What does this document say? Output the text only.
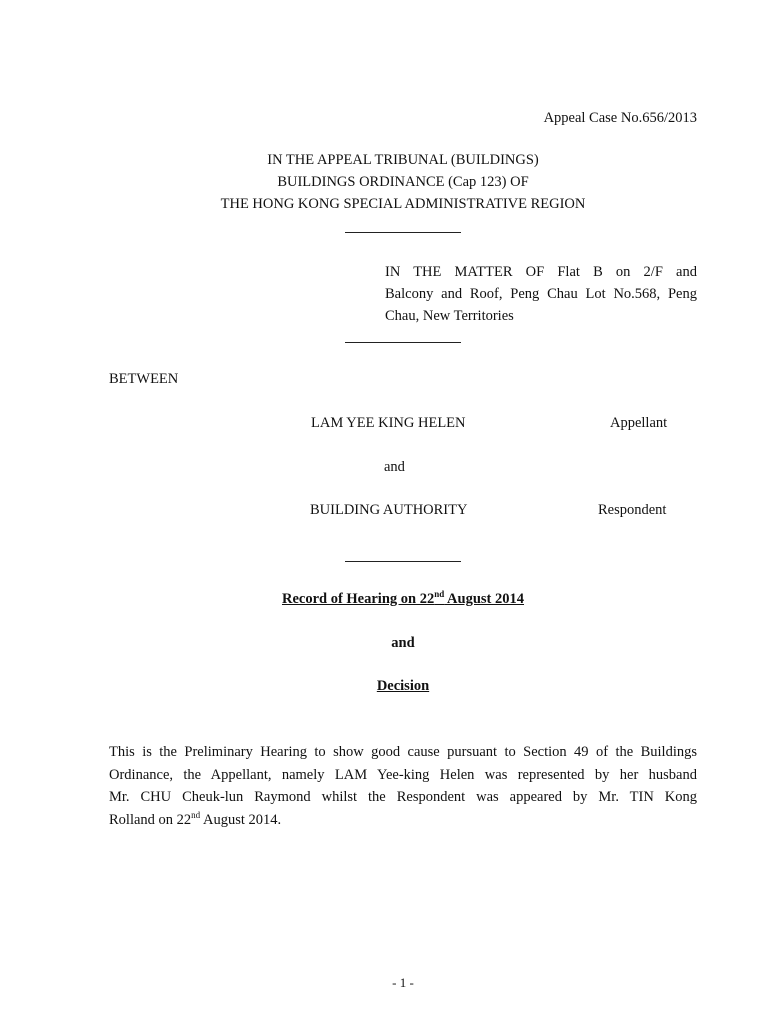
Appeal Case No.656/2013
IN THE APPEAL TRIBUNAL (BUILDINGS)
BUILDINGS ORDINANCE (Cap 123) OF
THE HONG KONG SPECIAL ADMINISTRATIVE REGION
IN THE MATTER OF Flat B on 2/F and
Balcony and Roof, Peng Chau Lot No.568, Peng
Chau, New Territories
BETWEEN
LAM YEE KING HELEN	Appellant
and
BUILDING AUTHORITY	Respondent
Record of Hearing on 22nd August 2014
and
Decision
This is the Preliminary Hearing to show good cause pursuant to Section 49 of the Buildings
Ordinance, the Appellant, namely LAM Yee-king Helen was represented by her husband
Mr. CHU Cheuk-lun Raymond whilst the Respondent was appeared by Mr. TIN Kong
Rolland on 22nd August 2014.
- 1 -
